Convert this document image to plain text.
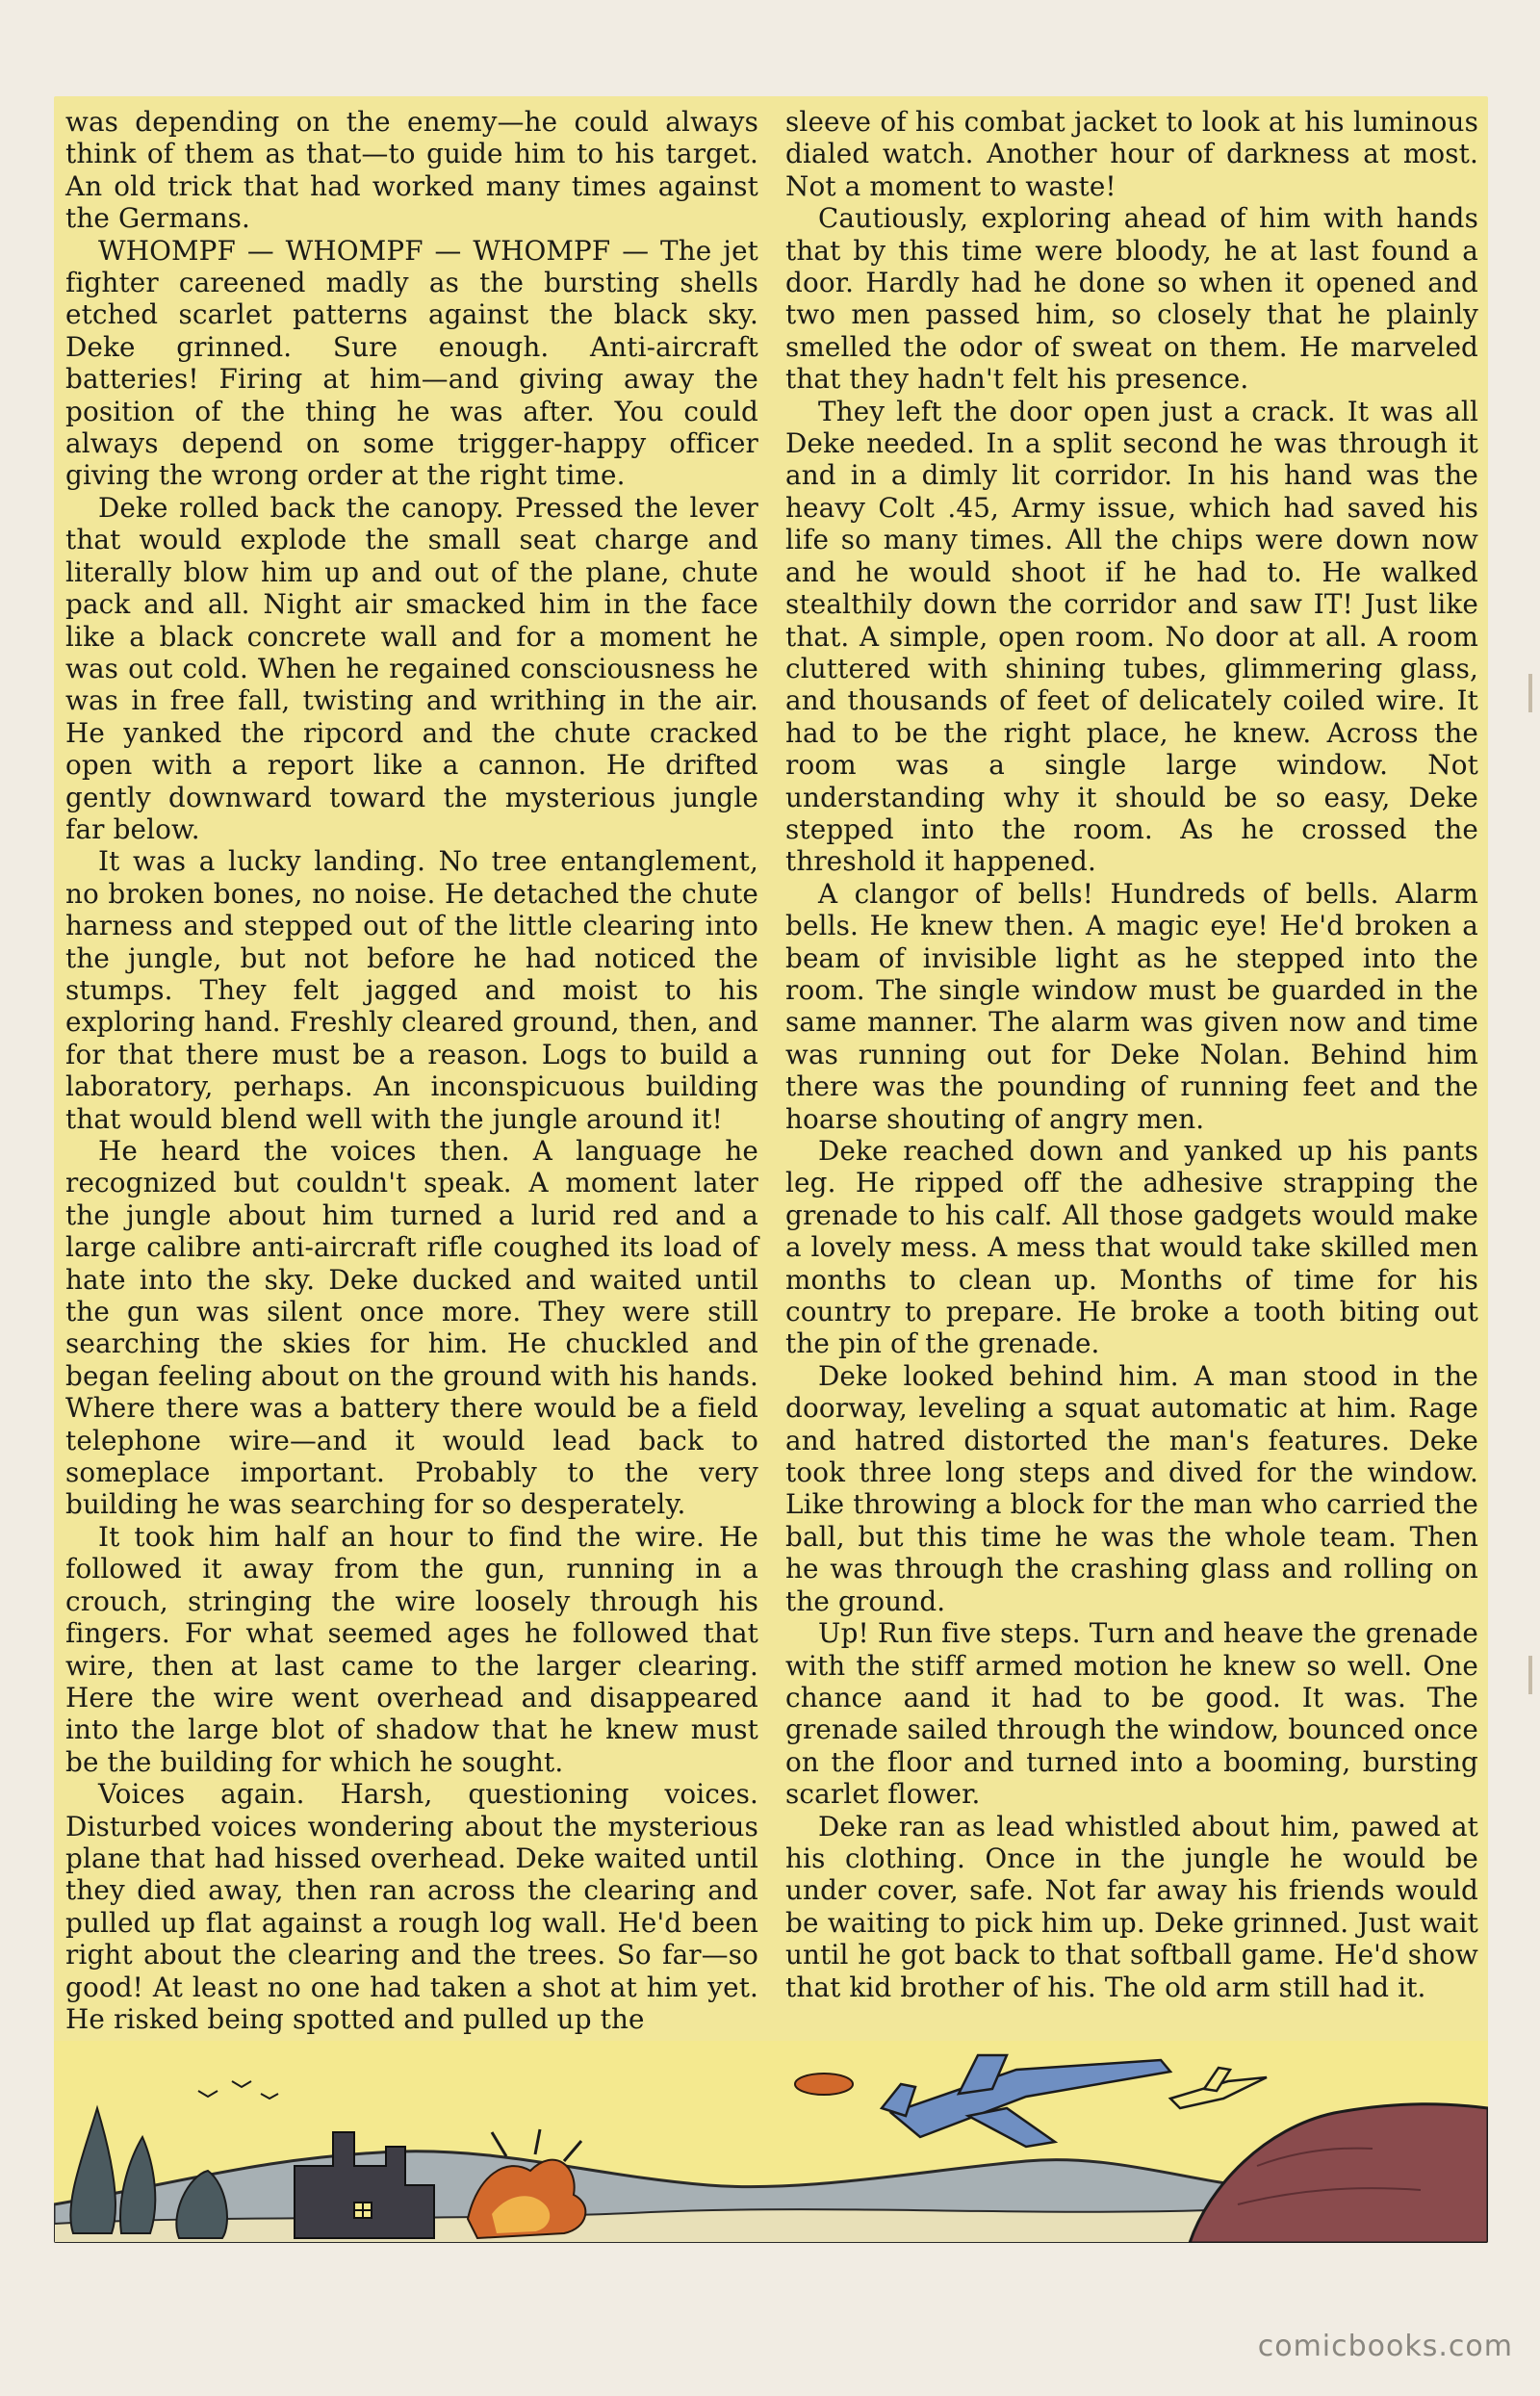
was depending on the enemy—he could always think of them as that—to guide him to his target. An old trick that had worked many times against the Germans.

WHOMPF — WHOMPF — WHOMPF — The jet fighter careened madly as the bursting shells etched scarlet patterns against the black sky. Deke grinned. Sure enough. Anti-aircraft batteries! Firing at him—and giving away the position of the thing he was after. You could always depend on some trigger-happy officer giving the wrong order at the right time.

Deke rolled back the canopy. Pressed the lever that would explode the small seat charge and literally blow him up and out of the plane, chute pack and all. Night air smacked him in the face like a black concrete wall and for a moment he was out cold. When he regained consciousness he was in free fall, twisting and writhing in the air. He yanked the ripcord and the chute cracked open with a report like a cannon. He drifted gently downward toward the mysterious jungle far below.

It was a lucky landing. No tree entanglement, no broken bones, no noise. He detached the chute harness and stepped out of the little clearing into the jungle, but not before he had noticed the stumps. They felt jagged and moist to his exploring hand. Freshly cleared ground, then, and for that there must be a reason. Logs to build a laboratory, perhaps. An inconspicuous building that would blend well with the jungle around it!

He heard the voices then. A language he recognized but couldn't speak. A moment later the jungle about him turned a lurid red and a large calibre anti-aircraft rifle coughed its load of hate into the sky. Deke ducked and waited until the gun was silent once more. They were still searching the skies for him. He chuckled and began feeling about on the ground with his hands. Where there was a battery there would be a field telephone wire—and it would lead back to someplace important. Probably to the very building he was searching for so desperately.

It took him half an hour to find the wire. He followed it away from the gun, running in a crouch, stringing the wire loosely through his fingers. For what seemed ages he followed that wire, then at last came to the larger clearing. Here the wire went overhead and disappeared into the large blot of shadow that he knew must be the building for which he sought.

Voices again. Harsh, questioning voices. Disturbed voices wondering about the mysterious plane that had hissed overhead. Deke waited until they died away, then ran across the clearing and pulled up flat against a rough log wall. He'd been right about the clearing and the trees. So far—so good! At least no one had taken a shot at him yet. He risked being spotted and pulled up the

sleeve of his combat jacket to look at his luminous dialed watch. Another hour of darkness at most. Not a moment to waste!

Cautiously, exploring ahead of him with hands that by this time were bloody, he at last found a door. Hardly had he done so when it opened and two men passed him, so closely that he plainly smelled the odor of sweat on them. He marveled that they hadn't felt his presence.

They left the door open just a crack. It was all Deke needed. In a split second he was through it and in a dimly lit corridor. In his hand was the heavy Colt .45, Army issue, which had saved his life so many times. All the chips were down now and he would shoot if he had to. He walked stealthily down the corridor and saw IT! Just like that. A simple, open room. No door at all. A room cluttered with shining tubes, glimmering glass, and thousands of feet of delicately coiled wire. It had to be the right place, he knew. Across the room was a single large window. Not understanding why it should be so easy, Deke stepped into the room. As he crossed the threshold it happened.

A clangor of bells! Hundreds of bells. Alarm bells. He knew then. A magic eye! He'd broken a beam of invisible light as he stepped into the room. The single window must be guarded in the same manner. The alarm was given now and time was running out for Deke Nolan. Behind him there was the pounding of running feet and the hoarse shouting of angry men.

Deke reached down and yanked up his pants leg. He ripped off the adhesive strapping the grenade to his calf. All those gadgets would make a lovely mess. A mess that would take skilled men months to clean up. Months of time for his country to prepare. He broke a tooth biting out the pin of the grenade.

Deke looked behind him. A man stood in the doorway, leveling a squat automatic at him. Rage and hatred distorted the man's features. Deke took three long steps and dived for the window. Like throwing a block for the man who carried the ball, but this time he was the whole team. Then he was through the crashing glass and rolling on the ground.

Up! Run five steps. Turn and heave the grenade with the stiff armed motion he knew so well. One chance aand it had to be good. It was. The grenade sailed through the window, bounced once on the floor and turned into a booming, bursting scarlet flower.

Deke ran as lead whistled about him, pawed at his clothing. Once in the jungle he would be under cover, safe. Not far away his friends would be waiting to pick him up. Deke grinned. Just wait until he got back to that softball game. He'd show that kid brother of his. The old arm still had it.

comicbooks.com
